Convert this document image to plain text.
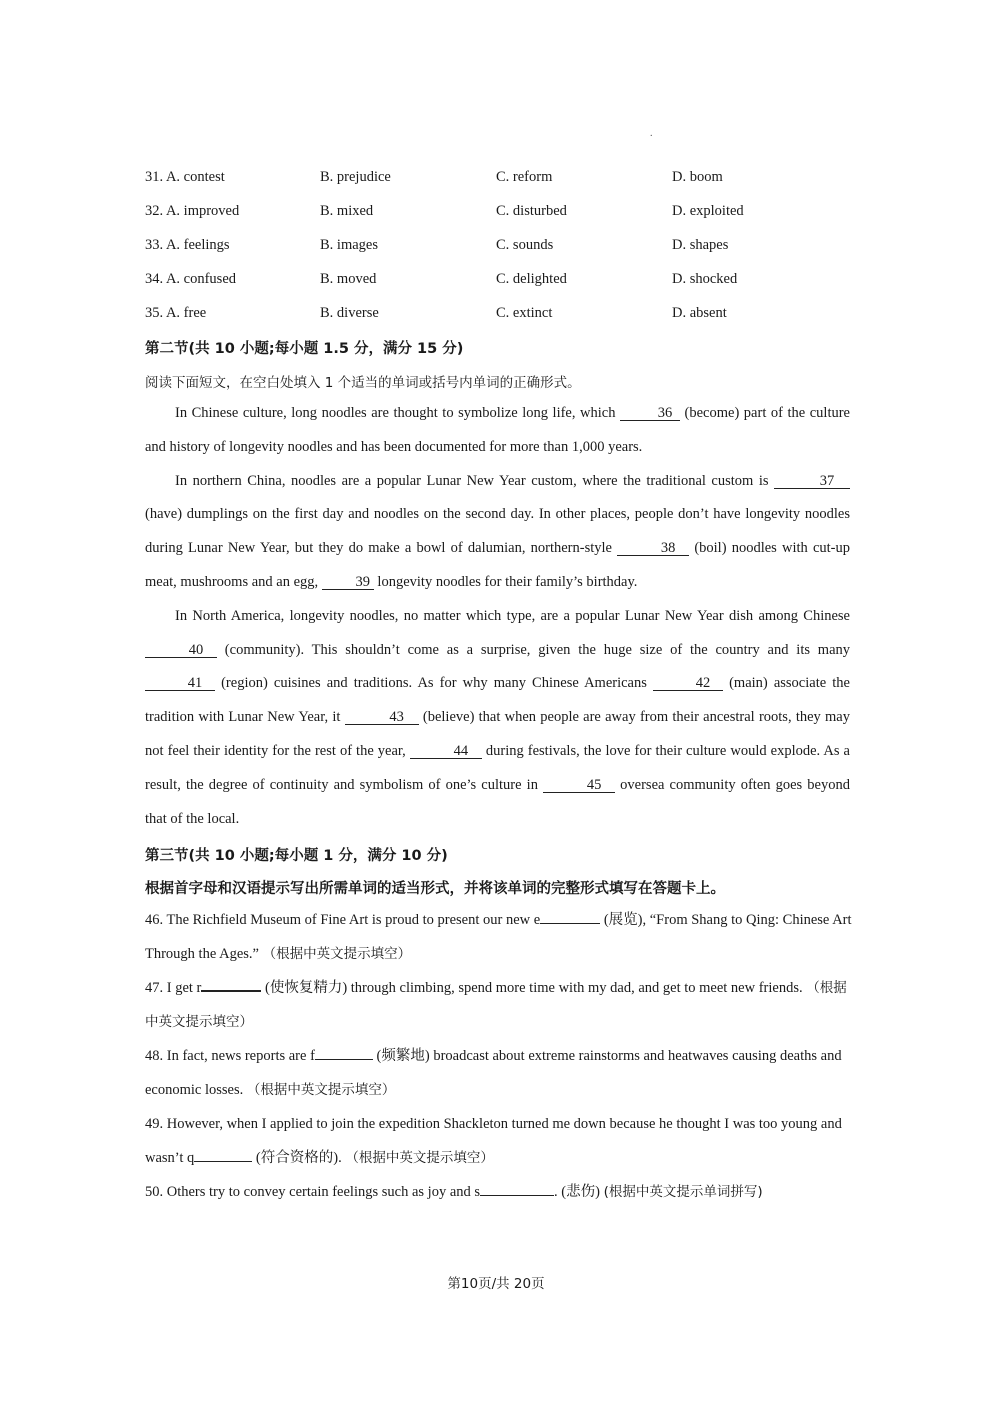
.
31. A. contest	B. prejudice	C. reform	D. boom
32. A. improved	B. mixed	C. disturbed	D. exploited
33. A. feelings	B. images	C. sounds	D. shapes
34. A. confused	B. moved	C. delighted	D. shocked
35. A. free	B. diverse	C. extinct	D. absent
第二节(共 10 小题;每小题 1.5 分，满分 15 分)
阅读下面短文，在空白处填入 1 个适当的单词或括号内单词的正确形式。

In Chinese culture, long noodles are thought to symbolize long life, which	36 (become) part of the culture and history of longevity noodles and has been documented for more than 1,000 years.

In northern China, noodles are a popular Lunar New Year custom, where the traditional custom is	37 (have) dumplings on the first day and noodles on the second day. In other places, people don’t have longevity noodles during Lunar New Year, but they do make a bowl of dalumian, northern-style	38 (boil) noodles with cut-up meat, mushrooms and an egg, 39 longevity noodles for their family’s birthday.

In North America, longevity noodles, no matter which type, are a popular Lunar New Year dish among Chinese 40 (community). This shouldn’t come as a surprise, given the huge size of the country and its many 41 (region) cuisines and traditions. As for why many Chinese Americans	42 (main) associate the tradition with Lunar New Year, it	43 (believe) that when people are away from their ancestral roots, they may not feel their identity for the rest of the year,	44 during festivals, the love for their culture would explode. As a result, the degree of continuity and symbolism of one’s culture in	45 oversea community often goes beyond that of the local.

第三节(共 10 小题;每小题 1 分，满分 10 分)
根据首字母和汉语提示写出所需单词的适当形式，并将该单词的完整形式填写在答题卡上。

46. The Richfield Museum of Fine Art is proud to present our new e	(展览), “From Shang to Qing: Chinese Art Through the Ages.” （根据中英文提示填空）

47. I get r	(使恢复精力) through climbing, spend more time with my dad, and get to meet new friends. （根据中英文提示填空）

48. In fact, news reports are f	(频繁地) broadcast about extreme rainstorms and heatwaves causing deaths and economic losses. （根据中英文提示填空）

49. However, when I applied to join the expedition Shackleton turned me down because he thought I was too young and wasn’t q	(符合资格的). （根据中英文提示填空）

50. Others try to convey certain feelings such as joy and s	. (悲伤) (根据中英文提示单词拼写)

第10页/共 20页
